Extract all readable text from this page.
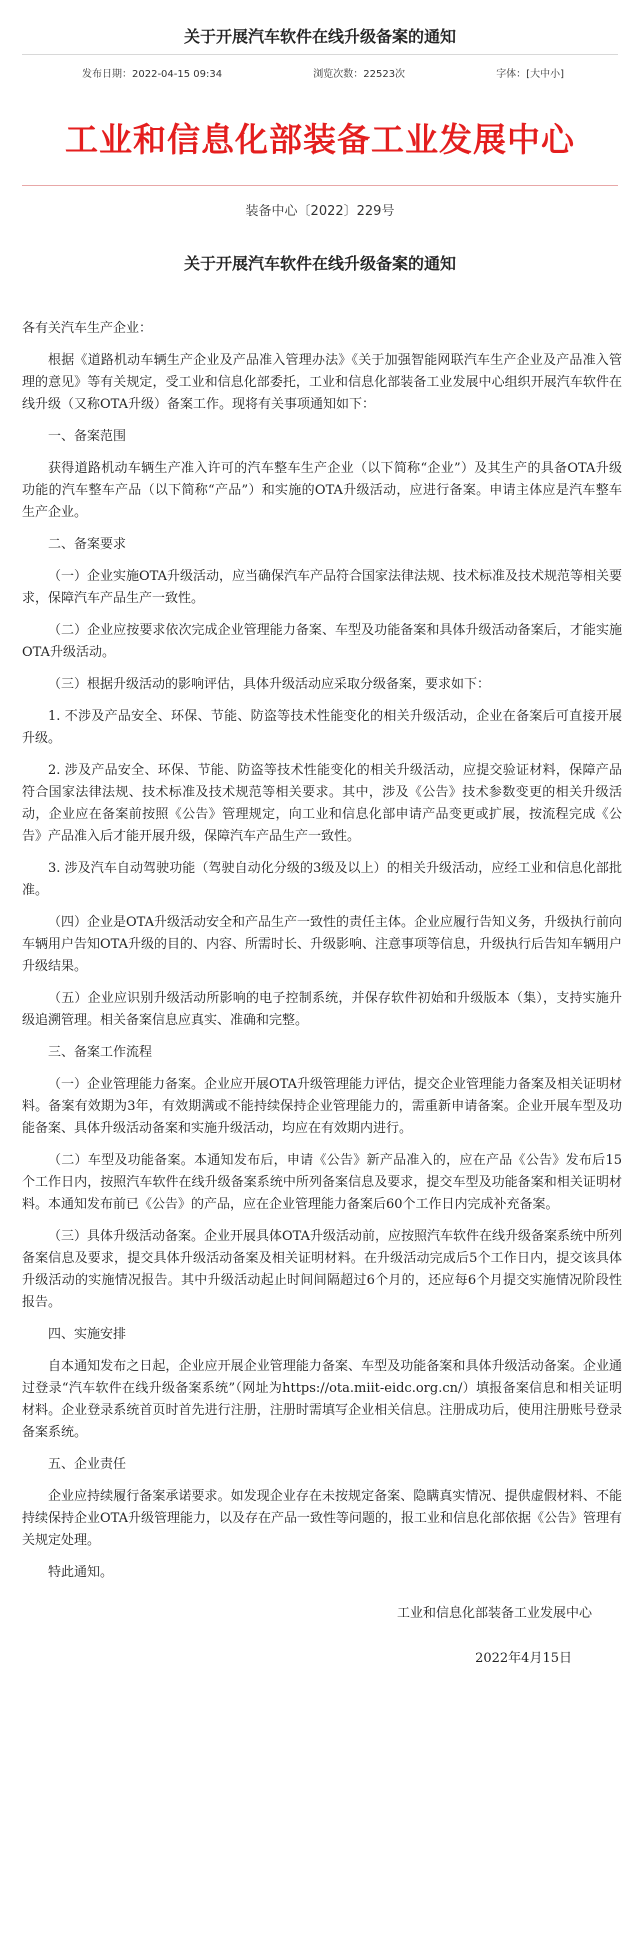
关于开展汽车软件在线升级备案的通知
发布日期：2022-04-15 09:34	浏览次数：22523次	字体：[大中小]
工业和信息化部装备工业发展中心
装备中心〔2022〕229号
关于开展汽车软件在线升级备案的通知

各有关汽车生产企业：

根据《道路机动车辆生产企业及产品准入管理办法》《关于加强智能网联汽车生产企业及产品准入管理的意见》等有关规定，受工业和信息化部委托，工业和信息化部装备工业发展中心组织开展汽车软件在线升级（又称OTA升级）备案工作。现将有关事项通知如下：

一、备案范围

获得道路机动车辆生产准入许可的汽车整车生产企业（以下简称“企业”）及其生产的具备OTA升级功能的汽车整车产品（以下简称“产品”）和实施的OTA升级活动，应进行备案。申请主体应是汽车整车生产企业。

二、备案要求

（一）企业实施OTA升级活动，应当确保汽车产品符合国家法律法规、技术标准及技术规范等相关要求，保障汽车产品生产一致性。

（二）企业应按要求依次完成企业管理能力备案、车型及功能备案和具体升级活动备案后，才能实施OTA升级活动。

（三）根据升级活动的影响评估，具体升级活动应采取分级备案，要求如下：

1. 不涉及产品安全、环保、节能、防盗等技术性能变化的相关升级活动，企业在备案后可直接开展升级。

2. 涉及产品安全、环保、节能、防盗等技术性能变化的相关升级活动，应提交验证材料，保障产品符合国家法律法规、技术标准及技术规范等相关要求。其中，涉及《公告》技术参数变更的相关升级活动，企业应在备案前按照《公告》管理规定，向工业和信息化部申请产品变更或扩展，按流程完成《公告》产品准入后才能开展升级，保障汽车产品生产一致性。

3. 涉及汽车自动驾驶功能（驾驶自动化分级的3级及以上）的相关升级活动，应经工业和信息化部批准。

（四）企业是OTA升级活动安全和产品生产一致性的责任主体。企业应履行告知义务，升级执行前向车辆用户告知OTA升级的目的、内容、所需时长、升级影响、注意事项等信息，升级执行后告知车辆用户升级结果。

（五）企业应识别升级活动所影响的电子控制系统，并保存软件初始和升级版本（集），支持实施升级追溯管理。相关备案信息应真实、准确和完整。

三、备案工作流程

（一）企业管理能力备案。企业应开展OTA升级管理能力评估，提交企业管理能力备案及相关证明材料。备案有效期为3年，有效期满或不能持续保持企业管理能力的，需重新申请备案。企业开展车型及功能备案、具体升级活动备案和实施升级活动，均应在有效期内进行。

（二）车型及功能备案。本通知发布后，申请《公告》新产品准入的，应在产品《公告》发布后15个工作日内，按照汽车软件在线升级备案系统中所列备案信息及要求，提交车型及功能备案和相关证明材料。本通知发布前已《公告》的产品，应在企业管理能力备案后60个工作日内完成补充备案。

（三）具体升级活动备案。企业开展具体OTA升级活动前，应按照汽车软件在线升级备案系统中所列备案信息及要求，提交具体升级活动备案及相关证明材料。在升级活动完成后5个工作日内，提交该具体升级活动的实施情况报告。其中升级活动起止时间间隔超过6个月的，还应每6个月提交实施情况阶段性报告。

四、实施安排

自本通知发布之日起，企业应开展企业管理能力备案、车型及功能备案和具体升级活动备案。企业通过登录“汽车软件在线升级备案系统”（网址为https://ota.miit-eidc.org.cn/）填报备案信息和相关证明材料。企业登录系统首页时首先进行注册，注册时需填写企业相关信息。注册成功后，使用注册账号登录备案系统。

五、企业责任

企业应持续履行备案承诺要求。如发现企业存在未按规定备案、隐瞒真实情况、提供虚假材料、不能持续保持企业OTA升级管理能力，以及存在产品一致性等问题的，报工业和信息化部依据《公告》管理有关规定处理。

特此通知。

工业和信息化部装备工业发展中心
2022年4月15日
